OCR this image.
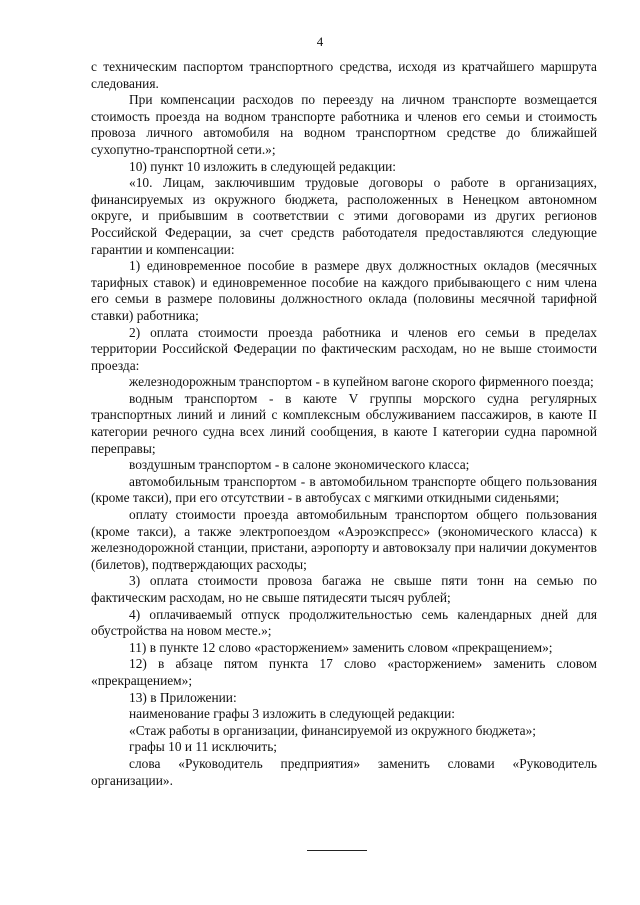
4

с техническим паспортом транспортного средства, исходя из кратчайшего маршрута следования.

При компенсации расходов по переезду на личном транспорте возмещается стоимость проезда на водном транспорте работника и членов его семьи и стоимость провоза личного автомобиля на водном транспортном средстве до ближайшей сухопутно-транспортной сети.»;

10) пункт 10 изложить в следующей редакции:

«10. Лицам, заключившим трудовые договоры о работе в организациях, финансируемых из окружного бюджета, расположенных в Ненецком автономном округе, и прибывшим в соответствии с этими договорами из других регионов Российской Федерации, за счет средств работодателя предоставляются следующие гарантии и компенсации:

1) единовременное пособие в размере двух должностных окладов (месячных тарифных ставок) и единовременное пособие на каждого прибывающего с ним члена его семьи в размере половины должностного оклада (половины месячной тарифной ставки) работника;

2) оплата стоимости проезда работника и членов его семьи в пределах территории Российской Федерации по фактическим расходам, но не выше стоимости проезда:

железнодорожным транспортом - в купейном вагоне скорого фирменного поезда;

водным транспортом - в каюте V группы морского судна регулярных транспортных линий и линий с комплексным обслуживанием пассажиров, в каюте II категории речного судна всех линий сообщения, в каюте I категории судна паромной переправы;

воздушным транспортом - в салоне экономического класса;

автомобильным транспортом - в автомобильном транспорте общего пользования (кроме такси), при его отсутствии - в автобусах с мягкими откидными сиденьями;

оплату стоимости проезда автомобильным транспортом общего пользования (кроме такси), а также электропоездом «Аэроэкспресс» (экономического класса) к железнодорожной станции, пристани, аэропорту и автовокзалу при наличии документов (билетов), подтверждающих расходы;

3) оплата стоимости провоза багажа не свыше пяти тонн на семью по фактическим расходам, но не свыше пятидесяти тысяч рублей;

4) оплачиваемый отпуск продолжительностью семь календарных дней для обустройства на новом месте.»;

11) в пункте 12 слово «расторжением» заменить словом «прекращением»;

12) в абзаце пятом пункта 17 слово «расторжением» заменить словом «прекращением»;

13) в Приложении:

наименование графы 3 изложить в следующей редакции:

«Стаж работы в организации, финансируемой из окружного бюджета»;

графы 10 и 11 исключить;

слова «Руководитель предприятия» заменить словами «Руководитель организации».
